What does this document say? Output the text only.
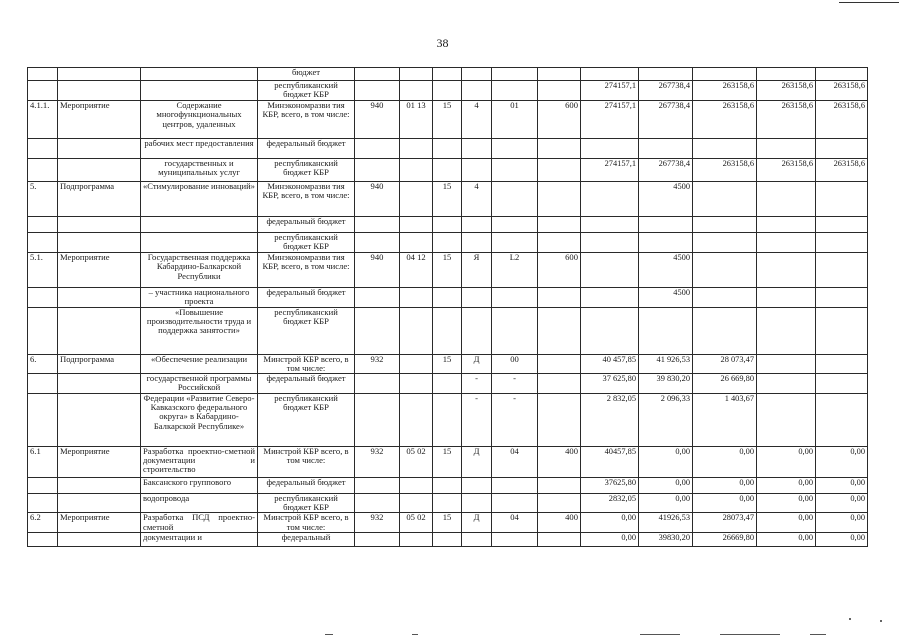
38
			бюджет											
			республиканский бюджет КБР							274157,1	267738,4	263158,6	263158,6	263158,6
4.1.1.	Мероприятие	Содержание многофункциональных центров, удаленных	Минэкономразви тия КБР, всего, в том числе:	940	01 13	15	4	01	600	274157,1	267738,4	263158,6	263158,6	263158,6
		рабочих мест предоставления	федеральный бюджет											
		государственных и муниципальных услуг	республиканский бюджет КБР							274157,1	267738,4	263158,6	263158,6	263158,6
5.	Подпрограмма	«Стимулирование инноваций»	Минэкономразви тия КБР, всего, в том числе:	940		15	4				4500			
			федеральный бюджет											
			республиканский бюджет КБР											
5.1.	Мероприятие	Государственная поддержка Кабардино-Балкарской Республики	Минэкономразви тия КБР, всего, в том числе:	940	04 12	15	Я	L2	600		4500			
		– участника национального проекта	федеральный бюджет								4500			
		«Повышение производительности труда и поддержка занятости»	республиканский бюджет КБР											
6.	Подпрограмма	«Обеспечение реализации	Минстрой КБР всего, в том числе:	932		15	Д	00		40 457,85	41 926,53	28 073,47		
		государственной программы Российской	федеральный бюджет				-	-		37 625,80	39 830,20	26 669,80		
		Федерации «Развитие Северо-Кавказского федерального округа» в Кабардино-Балкарской Республике»	республиканский бюджет КБР				-	-		2 832,05	2 096,33	1 403,67		
6.1	Мероприятие	Разработка проектно-сметной документации и строительство	Минстрой КБР всего, в том числе:	932	05 02	15	Д	04	400	40457,85	0,00	0,00	0,00	0,00
		Баксанского группового	федеральный бюджет							37625,80	0,00	0,00	0,00	0,00
		водопровода	республиканский бюджет КБР							2832,05	0,00	0,00	0,00	0,00
6.2	Мероприятие	Разработка ПСД проектно-сметной	Минстрой КБР всего, в том числе:	932	05 02	15	Д	04	400	0,00	41926,53	28073,47	0,00	0,00
		документации и	федеральный							0,00	39830,20	26669,80	0,00	0,00
